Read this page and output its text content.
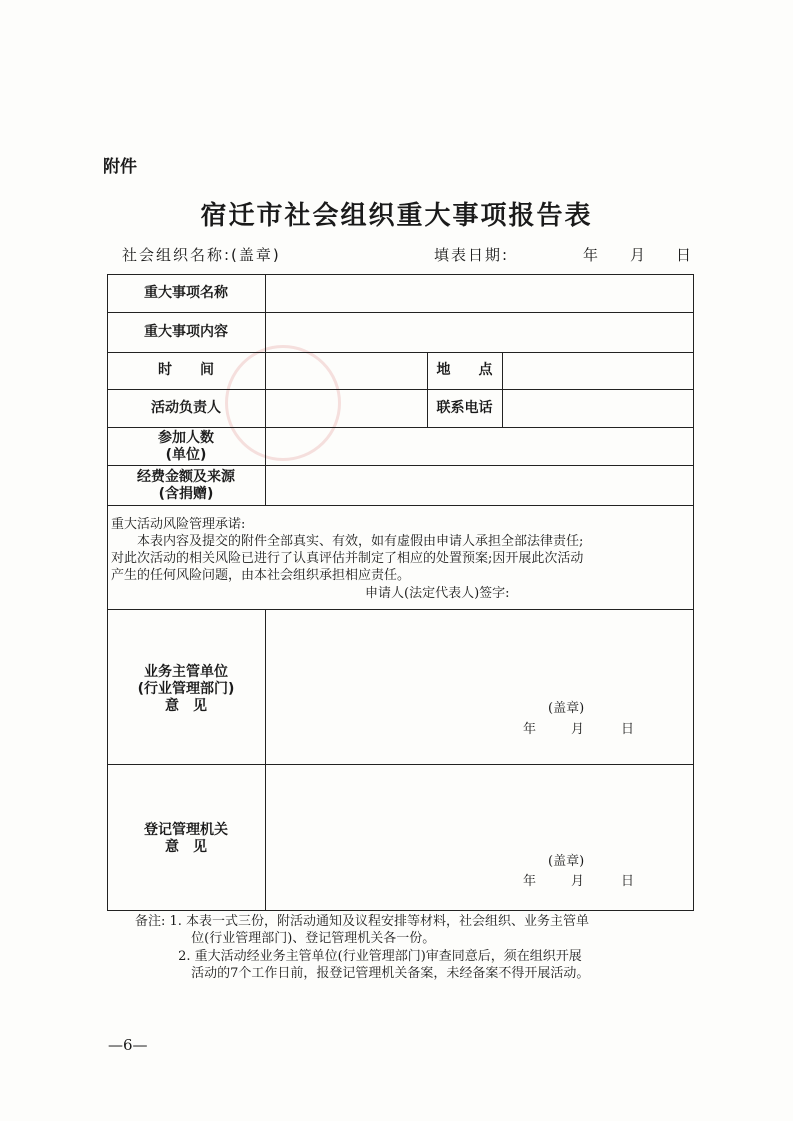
附件
宿迁市社会组织重大事项报告表
社会组织名称:(盖章)	填表日期:	年 月 日
重大事项名称
重大事项内容
时　　间	地　　点
活动负责人	联系电话
参加人数
(单位)
经费金额及来源
(含捐赠)
重大活动风险管理承诺:
　　本表内容及提交的附件全部真实、有效，如有虚假由申请人承担全部法律责任;
对此次活动的相关风险已进行了认真评估并制定了相应的处置预案;因开展此次活动
产生的任何风险问题，由本社会组织承担相应责任。
申请人(法定代表人)签字:
业务主管单位
(行业管理部门)
意　见	(盖章)
年	月	日
登记管理机关
意　见
(盖章)
年	月	日
备注: 1. 本表一式三份，附活动通知及议程安排等材料，社会组织、业务主管单
　　　　 位(行业管理部门)、登记管理机关各一份。
　　　 2. 重大活动经业务主管单位(行业管理部门)审查同意后，须在组织开展
　　　　 活动的7个工作日前，报登记管理机关备案，未经备案不得开展活动。
—6—
